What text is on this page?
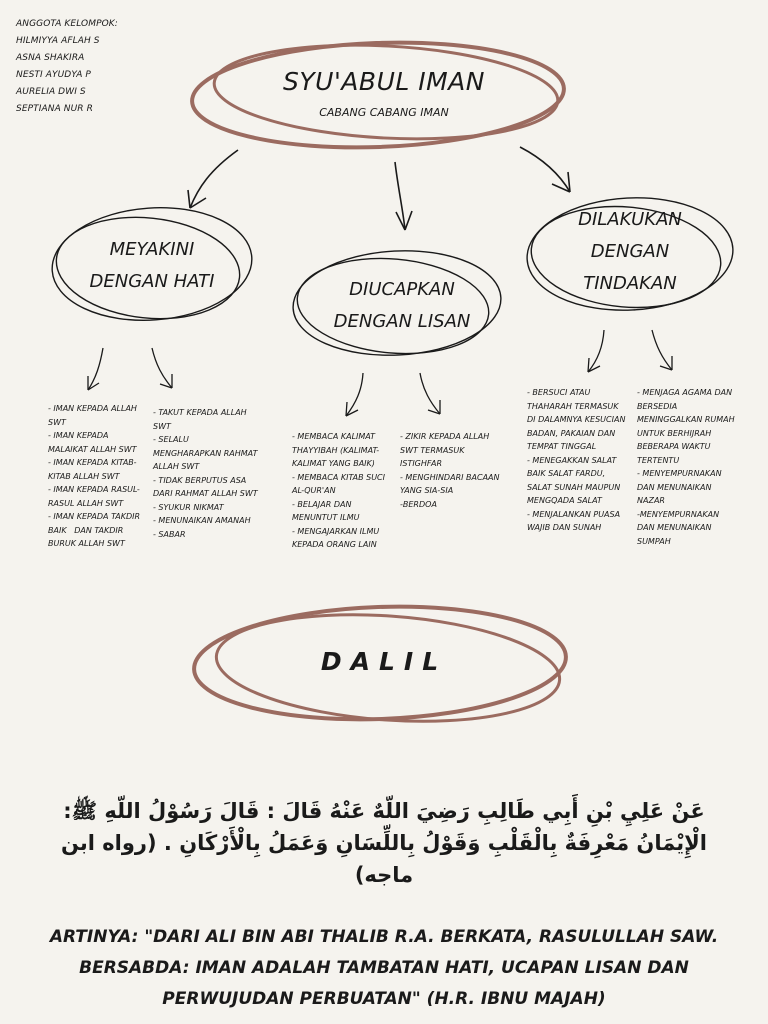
ANGGOTA KELOMPOK:
HILMIYYA AFLAH S
ASNA SHAKIRA
NESTI AYUDYA P
AURELIA DWI S
SEPTIANA NUR R
SYU'ABUL IMAN
CABANG CABANG IMAN
MEYAKINI
DENGAN HATI	DIUCAPKAN
DENGAN LISAN
DILAKUKAN
DENGAN
TINDAKAN
- IMAN KEPADA ALLAH SWT
- IMAN KEPADA MALAIKAT ALLAH SWT
- IMAN KEPADA KITAB-KITAB ALLAH SWT
- IMAN KEPADA RASUL-RASUL ALLAH SWT
- IMAN KEPADA TAKDIR BAIK   DAN TAKDIR BURUK ALLAH SWT
- TAKUT KEPADA ALLAH SWT
- SELALU MENGHARAPKAN RAHMAT ALLAH SWT
- TIDAK BERPUTUS ASA DARI RAHMAT ALLAH SWT
- SYUKUR NIKMAT
- MENUNAIKAN AMANAH
- SABAR
- MEMBACA KALIMAT THAYYIBAH (KALIMAT-KALIMAT YANG BAIK)
- MEMBACA KITAB SUCI AL-QUR'AN
- BELAJAR DAN MENUNTUT ILMU
- MENGAJARKAN ILMU KEPADA ORANG LAIN
- ZIKIR KEPADA ALLAH SWT TERMASUK ISTIGHFAR
- MENGHINDARI BACAAN YANG SIA-SIA
-BERDOA
- BERSUCI ATAU THAHARAH TERMASUK DI DALAMNYA KESUCIAN BADAN, PAKAIAN DAN TEMPAT TINGGAL
- MENEGAKKAN SALAT BAIK SALAT FARDU, SALAT SUNAH MAUPUN MENGQADA SALAT
- MENJALANKAN PUASA WAJIB DAN SUNAH
- MENJAGA AGAMA DAN BERSEDIA MENINGGALKAN RUMAH UNTUK BERHIJRAH BEBERAPA WAKTU TERTENTU
- MENYEMPURNAKAN DAN MENUNAIKAN NAZAR
-MENYEMPURNAKAN DAN MENUNAIKAN SUMPAH
DALIL
عَنْ عَلِيِ بْنِ أَبِي طَالِبِ رَضِيَ اللّهٌ عَنْهُ قَالَ : قَالَ رَسُوْلُ اللّهِ ﷺ: الْإِيْمَانُ مَعْرِفَةٌ بِالْقَلْبِ وَقَوْلُ بِاللِّسَانِ وَعَمَلُ بِالْأَرْكَانِ . (رواه ابن ماجه)
ARTINYA: "DARI ALI BIN ABI THALIB R.A. BERKATA, RASULULLAH SAW. BERSABDA: IMAN ADALAH TAMBATAN HATI, UCAPAN LISAN DAN PERWUJUDAN PERBUATAN" (H.R. IBNU MAJAH)
